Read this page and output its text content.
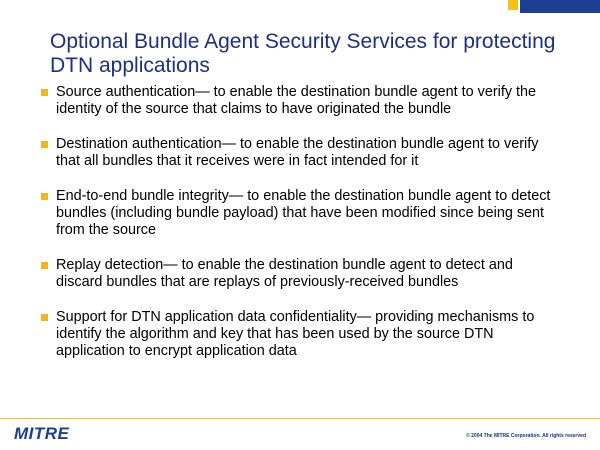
Optional Bundle Agent Security Services for protecting DTN applications
Source authentication— to enable the destination bundle agent to verify the identity of the source that claims to have originated the bundle
Destination authentication— to enable the destination bundle agent to verify that all bundles that it receives were in fact intended for it
End-to-end bundle integrity— to enable the destination bundle agent to detect bundles (including bundle payload) that have been modified since being sent from the source
Replay detection— to enable the destination bundle agent to detect and discard bundles that are replays of previously-received bundles
Support for DTN application data confidentiality— providing mechanisms to identify the algorithm and key that has been used by the source DTN application to encrypt application data
MITRE	© 2004 The MITRE Corporation. All rights reserved
